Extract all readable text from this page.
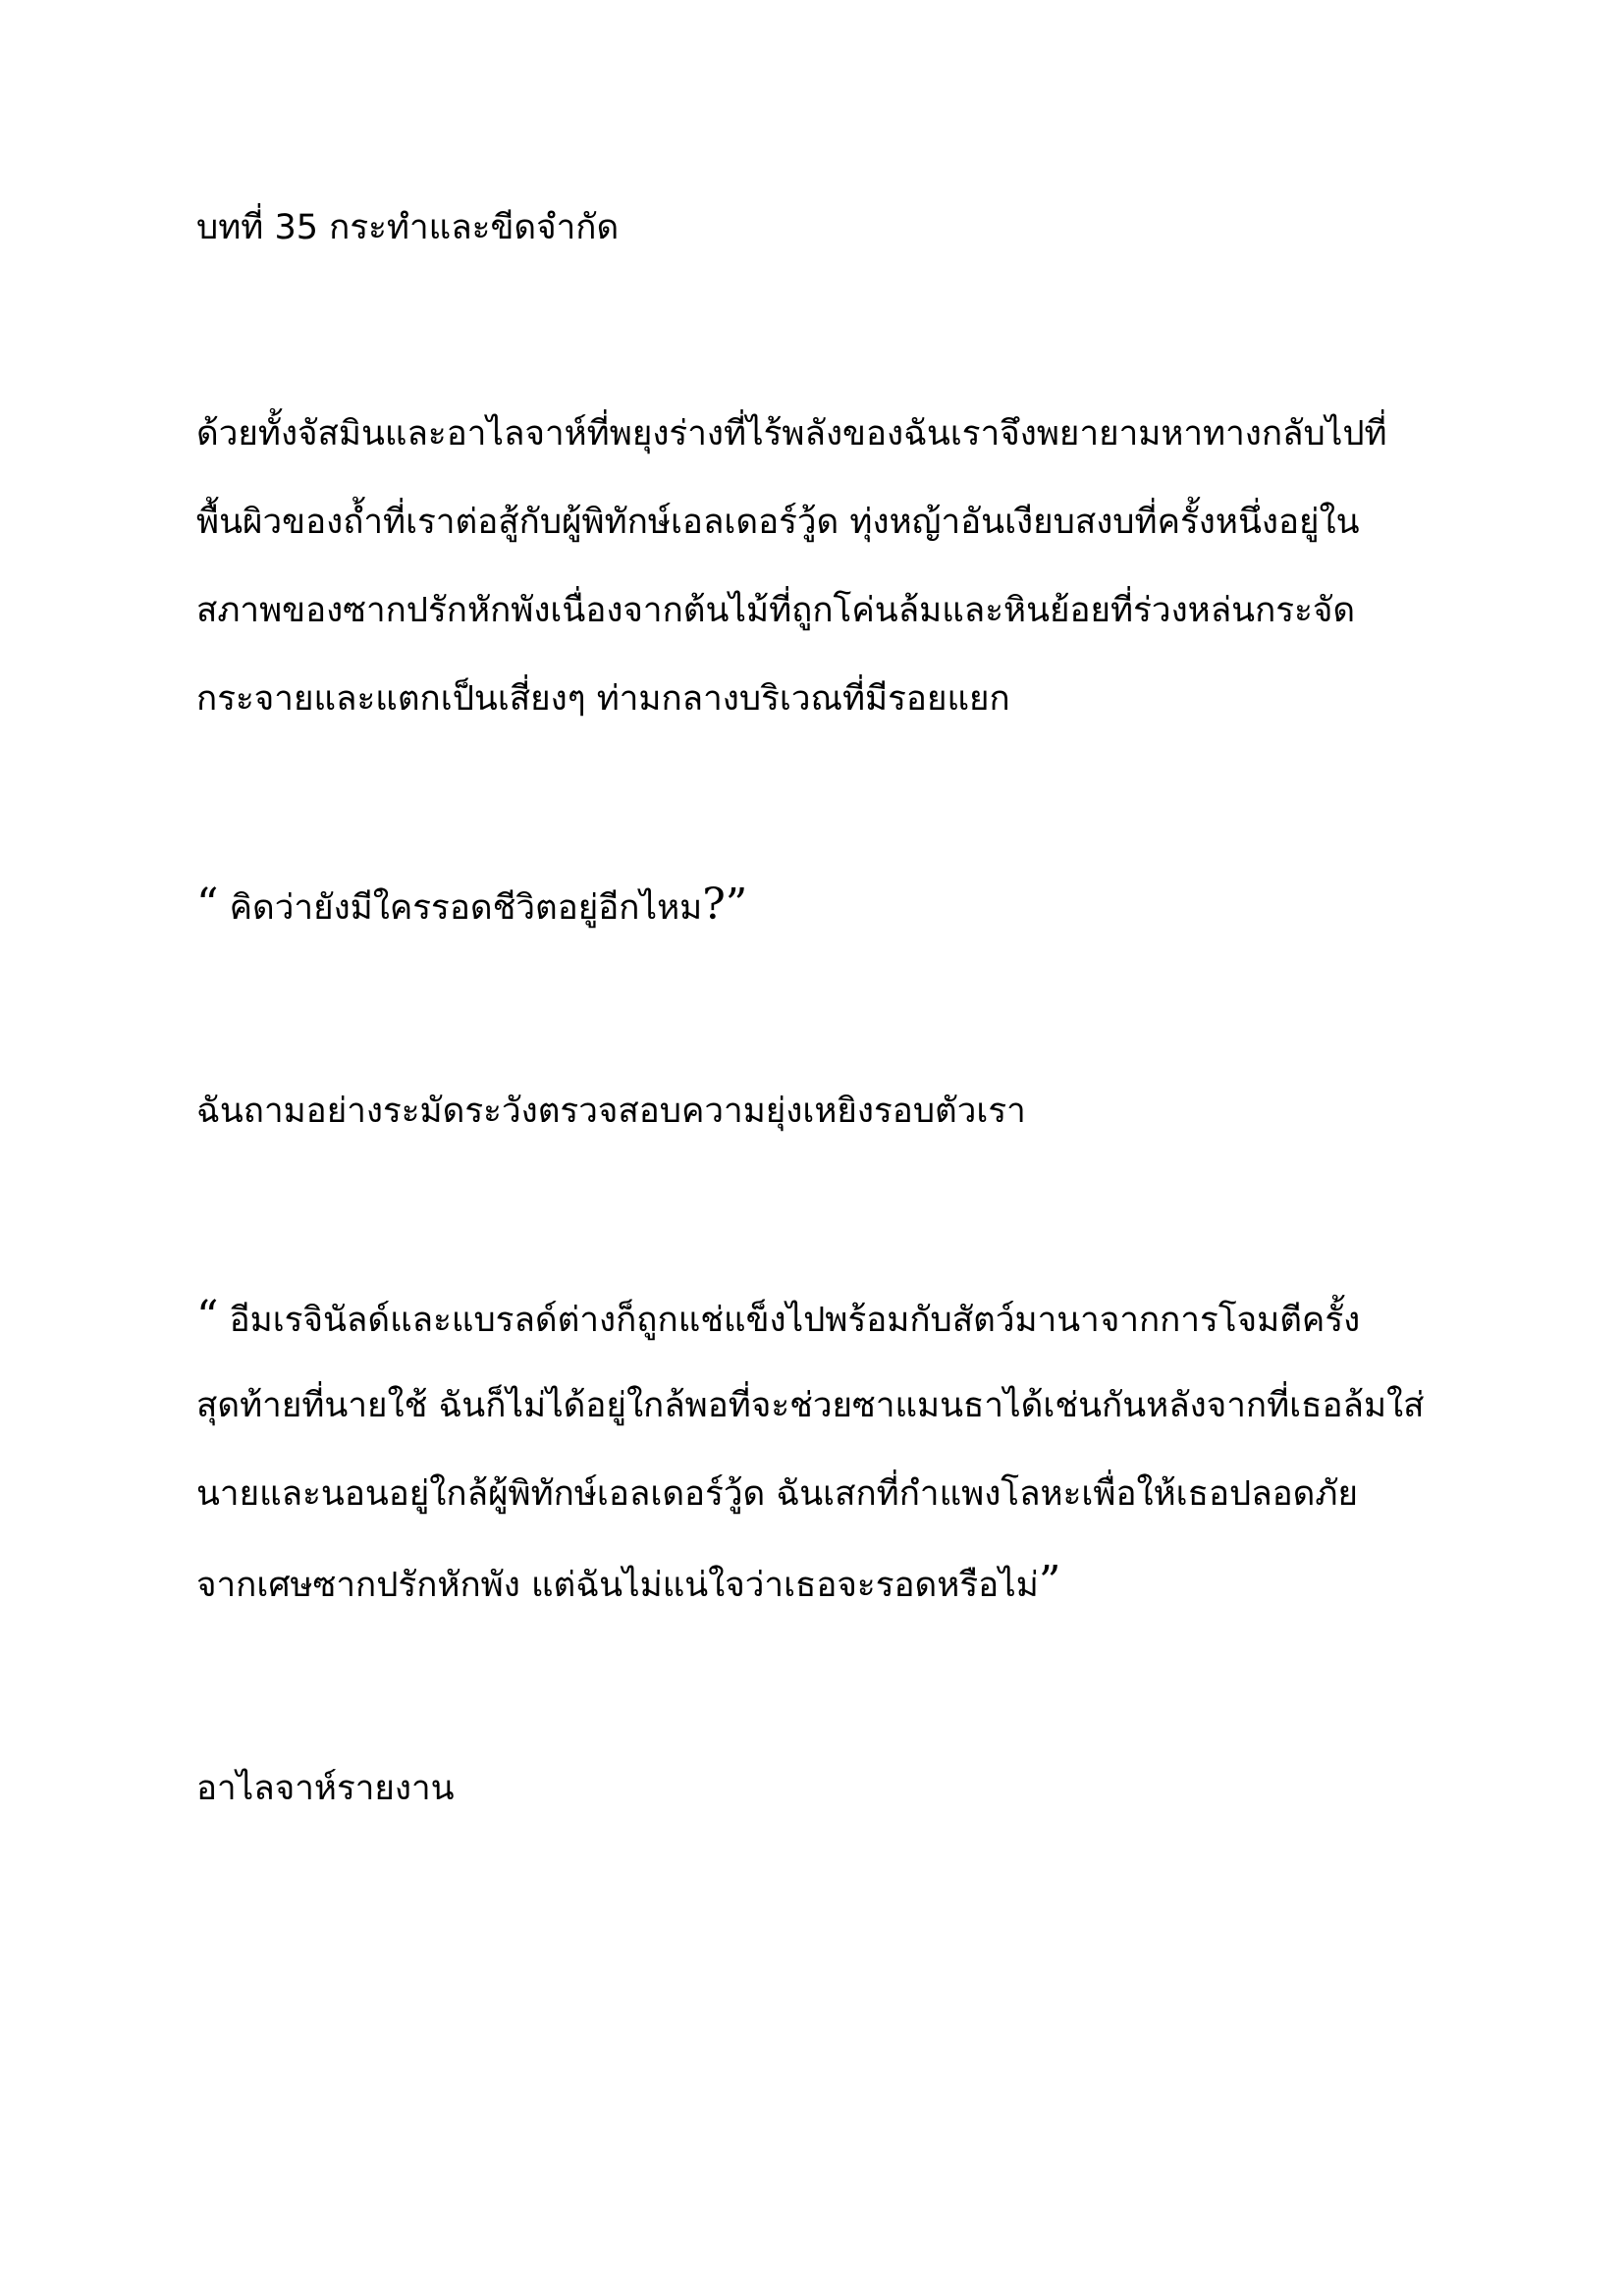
บทที่ 35 กระทำและขีดจำกัด

ด้วยทั้งจัสมินและอาไลจาห์ที่พยุงร่างที่ไร้พลังของฉันเราจึงพยายามหาทางกลับไปที่

พื้นผิวของถ้ำที่เราต่อสู้กับผู้พิทักษ์เอลเดอร์วู้ด ทุ่งหญ้าอันเงียบสงบที่ครั้งหนึ่งอยู่ใน

สภาพของซากปรักหักพังเนื่องจากต้นไม้ที่ถูกโค่นล้มและหินย้อยที่ร่วงหล่นกระจัด

กระจายและแตกเป็นเสี่ยงๆ ท่ามกลางบริเวณที่มีรอยแยก

“ คิดว่ายังมีใครรอดชีวิตอยู่อีกไหม?”

ฉันถามอย่างระมัดระวังตรวจสอบความยุ่งเหยิงรอบตัวเรา

“ อีมเรจินัลด์และแบรลด์ต่างก็ถูกแช่แข็งไปพร้อมกับสัตว์มานาจากการโจมตีครั้ง

สุดท้ายที่นายใช้ ฉันก็ไม่ได้อยู่ใกล้พอที่จะช่วยซาแมนธาได้เช่นกันหลังจากที่เธอล้มใส่

นายและนอนอยู่ใกล้ผู้พิทักษ์เอลเดอร์วู้ด ฉันเสกที่กำแพงโลหะเพื่อให้เธอปลอดภัย

จากเศษซากปรักหักพัง แต่ฉันไม่แน่ใจว่าเธอจะรอดหรือไม่”

อาไลจาห์รายงาน
